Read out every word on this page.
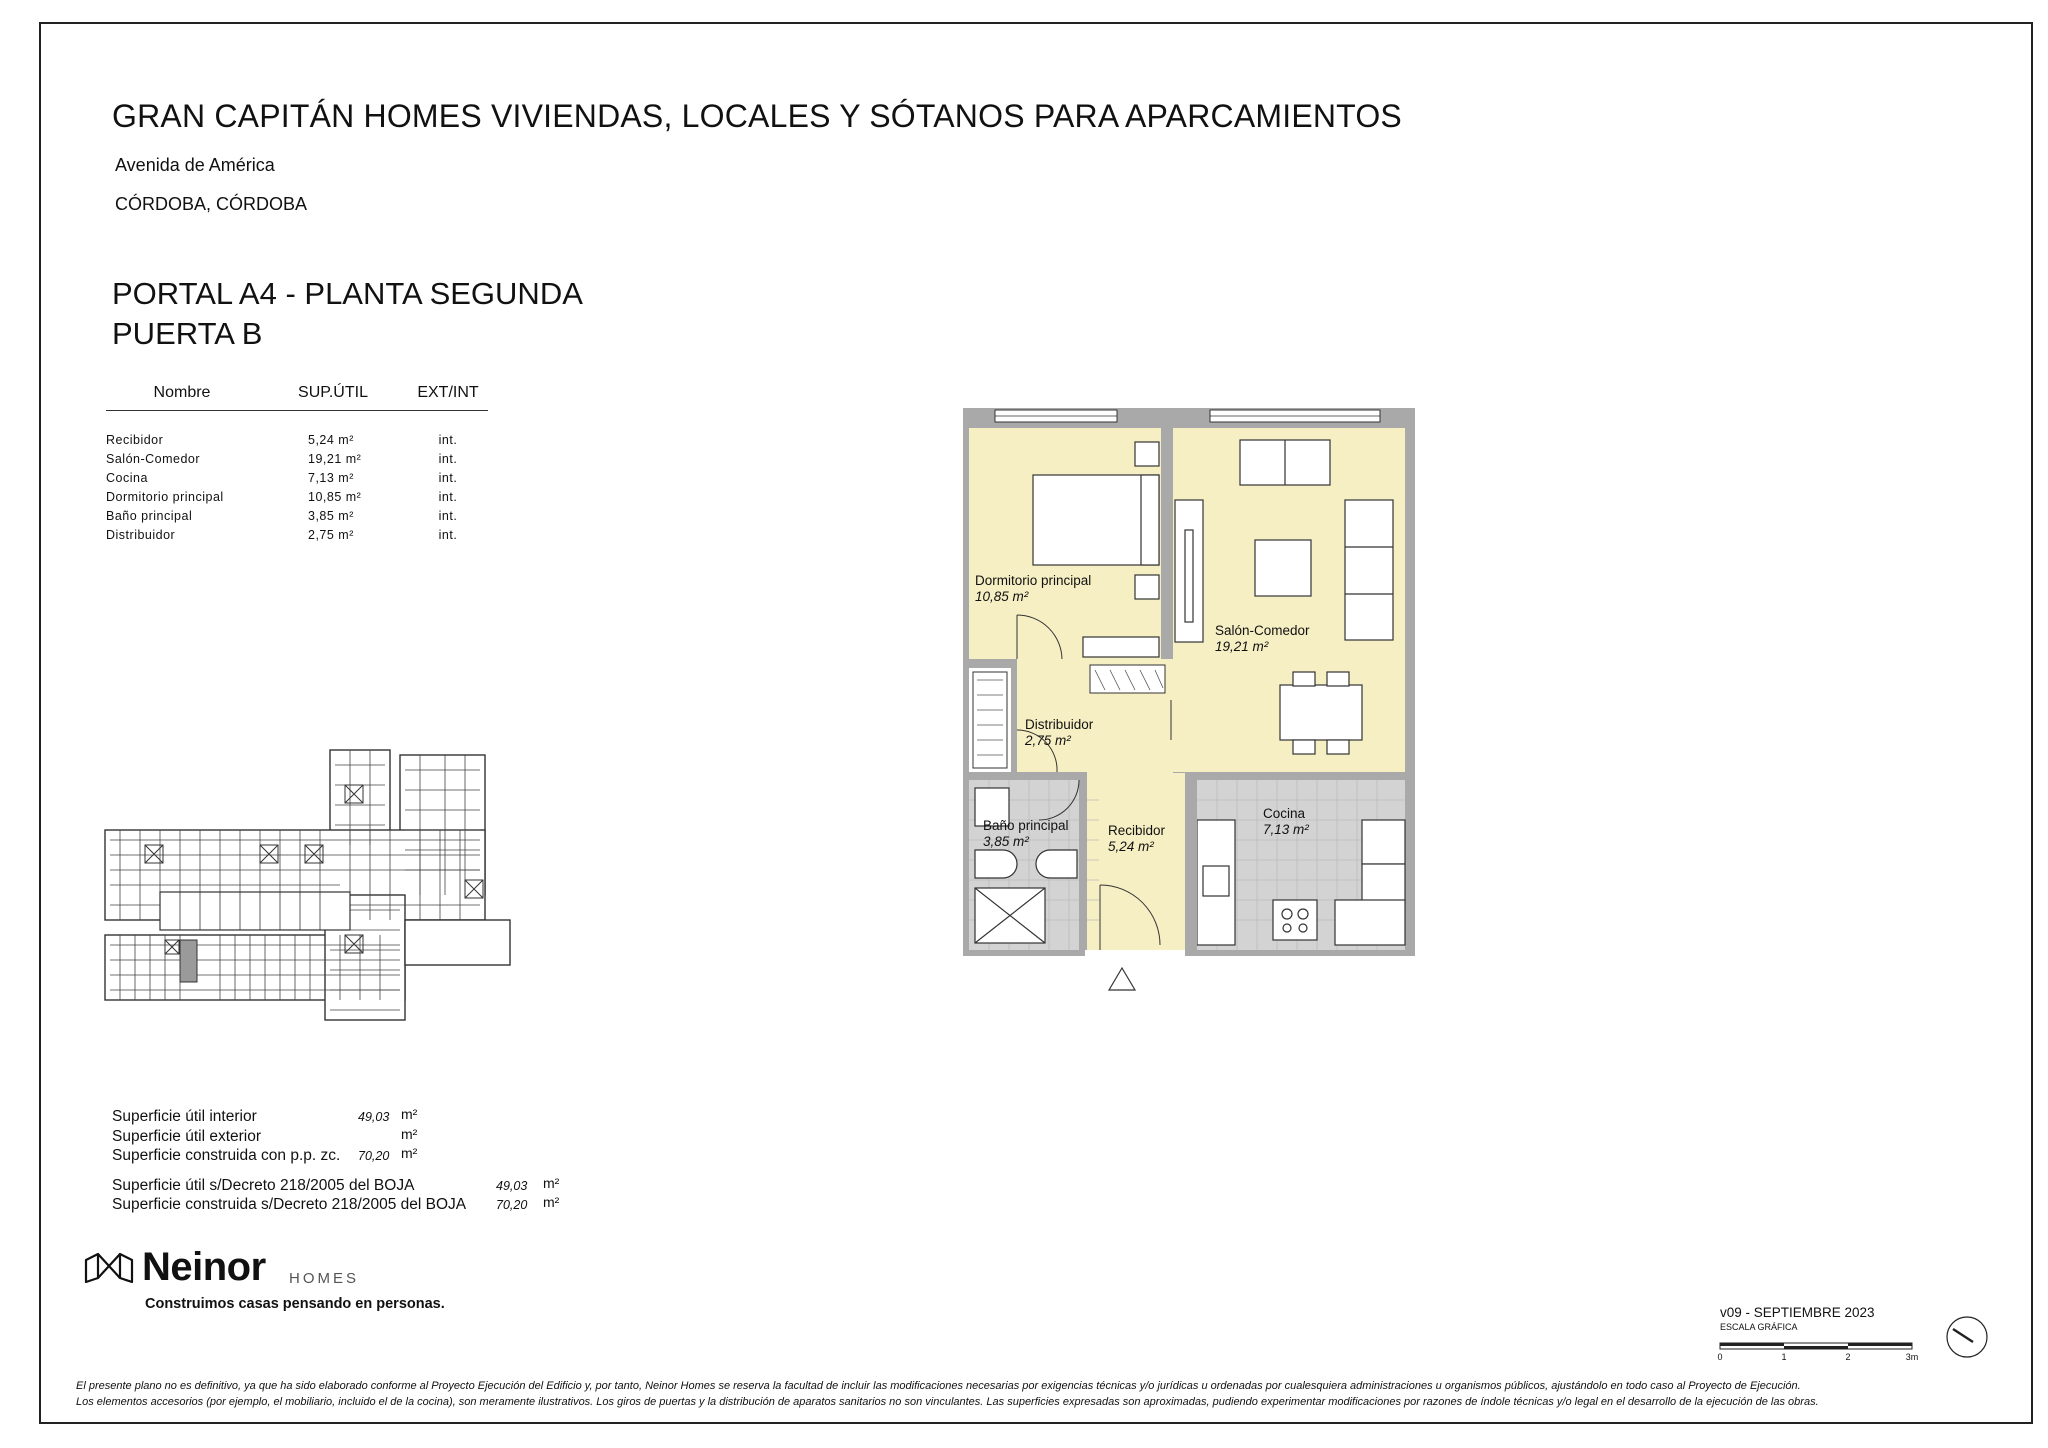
GRAN CAPITÁN HOMES VIVIENDAS, LOCALES Y SÓTANOS PARA APARCAMIENTOS
Avenida de América
CÓRDOBA, CÓRDOBA
PORTAL A4 - PLANTA SEGUNDA
PUERTA B
Nombre	SUP.ÚTIL	EXT/INT

Recibidor	5,24 m²	int.
Salón-Comedor	19,21 m²	int.
Cocina	7,13 m²	int.
Dormitorio principal	10,85 m²	int.
Baño principal	3,85 m²	int.
Distribuidor	2,75 m²	int.
Dormitorio principal
10,85 m²
Salón-Comedor
19,21 m²
Distribuidor
2,75 m²
Baño principal
3,85 m²
Recibidor
5,24 m²
Cocina
7,13 m²
Superficie útil interior	49,03 m²
Superficie útil exterior	m²
Superficie construida con p.p. zc. 70,20 m²
Superficie útil s/Decreto 218/2005 del BOJA	49,03 m²
Superficie construida s/Decreto 218/2005 del BOJA 70,20 m²
Neinor HOMES
Construimos casas pensando en personas.
v09 - SEPTIEMBRE 2023
ESCALA GRÁFICA
0	1	2	3m
El presente plano no es definitivo, ya que ha sido elaborado conforme al Proyecto Ejecución del Edificio y, por tanto, Neinor Homes se reserva la facultad de incluir las modificaciones necesarias por exigencias técnicas y/o jurídicas u ordenadas por cualesquiera administraciones u organismos públicos, ajustándolo en todo caso al Proyecto de Ejecución.
Los elementos accesorios (por ejemplo, el mobiliario, incluido el de la cocina), son meramente ilustrativos. Los giros de puertas y la distribución de aparatos sanitarios no son vinculantes. Las superficies expresadas son aproximadas, pudiendo experimentar modificaciones por razones de índole técnicas y/o legal en el desarrollo de la ejecución de las obras.
